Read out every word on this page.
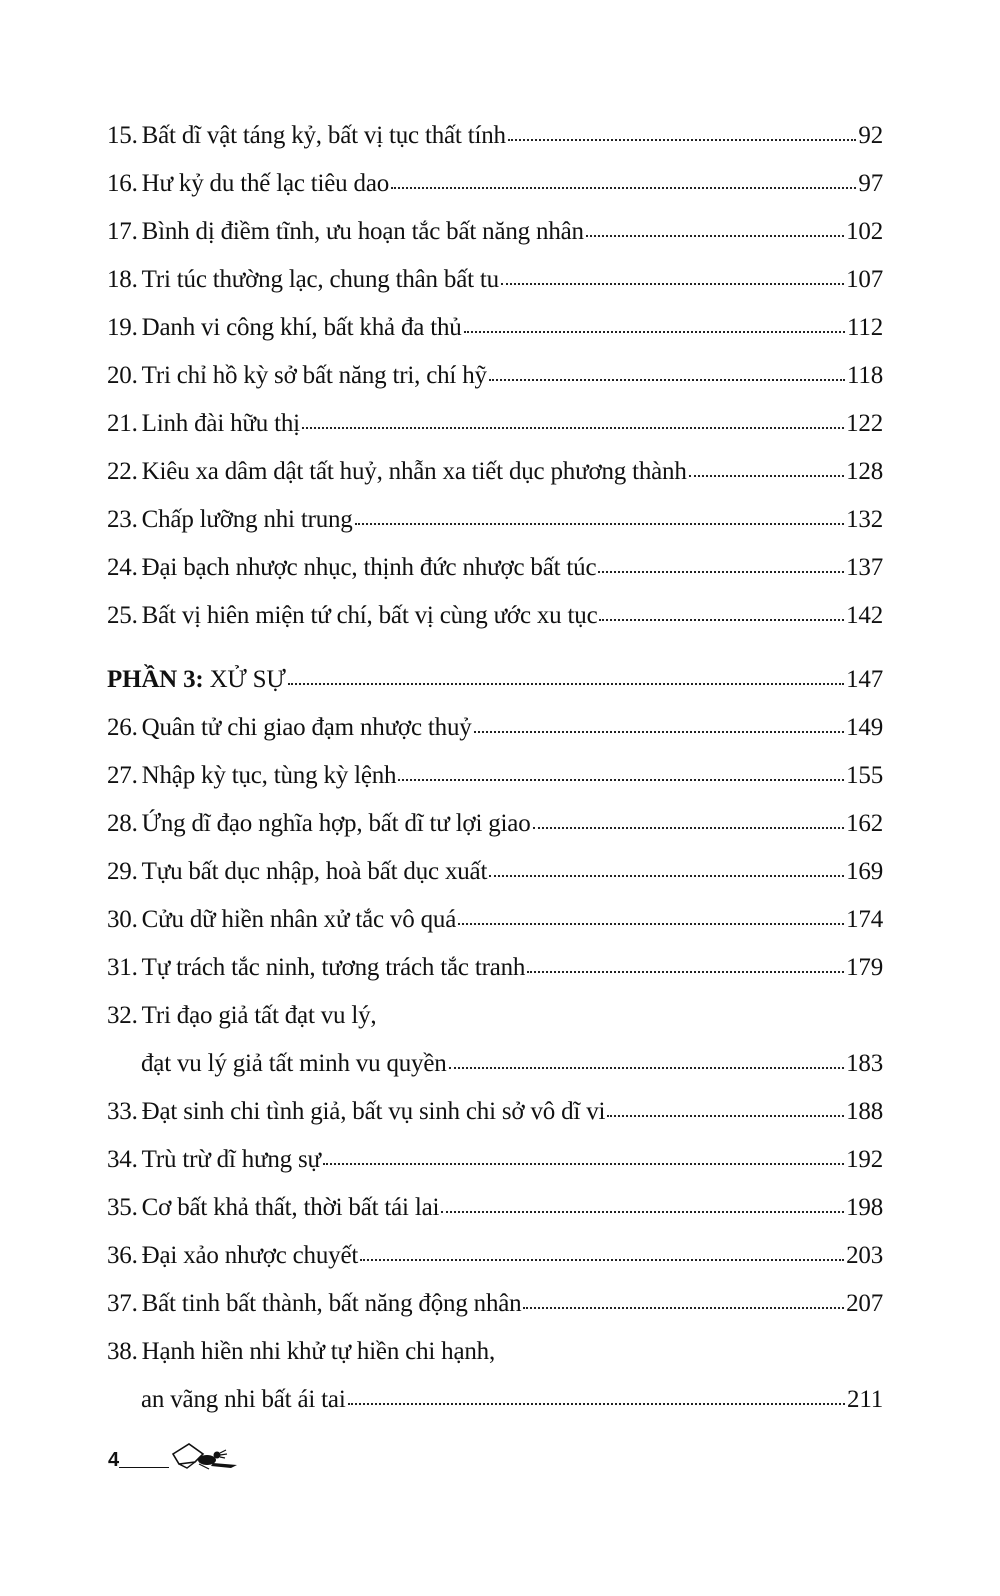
15. Bất dĩ vật táng kỷ, bất vị tục thất tính	92
16. Hư kỷ du thế lạc tiêu dao	97
17. Bình dị điềm tĩnh, ưu hoạn tắc bất năng nhân	102
18. Tri túc thường lạc, chung thân bất tu	107
19. Danh vi công khí, bất khả đa thủ	112
20. Tri chỉ hồ kỳ sở bất năng tri, chí hỹ	118
21. Linh đài hữu thị	122
22. Kiêu xa dâm dật tất huỷ, nhẫn xa tiết dục phương thành	128
23. Chấp lưỡng nhi trung	132
24. Đại bạch nhược nhục, thịnh đức nhược bất túc	137
25. Bất vị hiên miện tứ chí, bất vị cùng ước xu tục	142
PHẦN 3: XỬ SỰ	147
26. Quân tử chi giao đạm nhược thuỷ	149
27. Nhập kỳ tục, tùng kỳ lệnh	155
28. Ứng dĩ đạo nghĩa hợp, bất dĩ tư lợi giao	162
29. Tựu bất dục nhập, hoà bất dục xuất	169
30. Cửu dữ hiền nhân xử tắc vô quá	174
31. Tự trách tắc ninh, tương trách tắc tranh	179
32. Tri đạo giả tất đạt vu lý,
đạt vu lý giả tất minh vu quyền	183
33. Đạt sinh chi tình giả, bất vụ sinh chi sở vô dĩ vi	188
34. Trù trừ dĩ hưng sự	192
35. Cơ bất khả thất, thời bất tái lai	198
36. Đại xảo nhược chuyết	203
37. Bất tinh bất thành, bất năng động nhân	207
38. Hạnh hiền nhi khử tự hiền chi hạnh,
an vãng nhi bất ái tai	211
4
